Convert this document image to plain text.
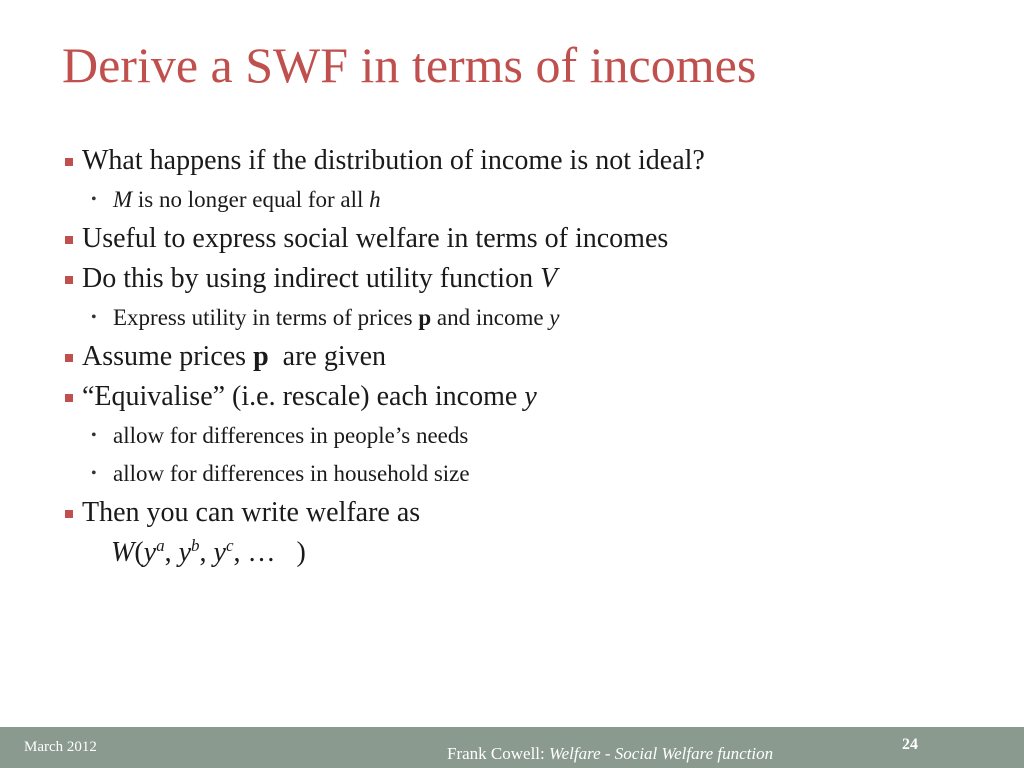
Derive a SWF in terms of incomes
What happens if the distribution of income is not ideal?
• M is no longer equal for all h
Useful to express social welfare in terms of incomes
Do this by using indirect utility function V
• Express utility in terms of prices p and income y
Assume prices p  are given
“Equivalise” (i.e. rescale) each income y
• allow for differences in people’s needs
• allow for differences in household size
Then you can write welfare as
$W(y^a$, $y^b$, $y^c$, …   )
March 2012	Frank Cowell: Welfare - Social Welfare function	24
